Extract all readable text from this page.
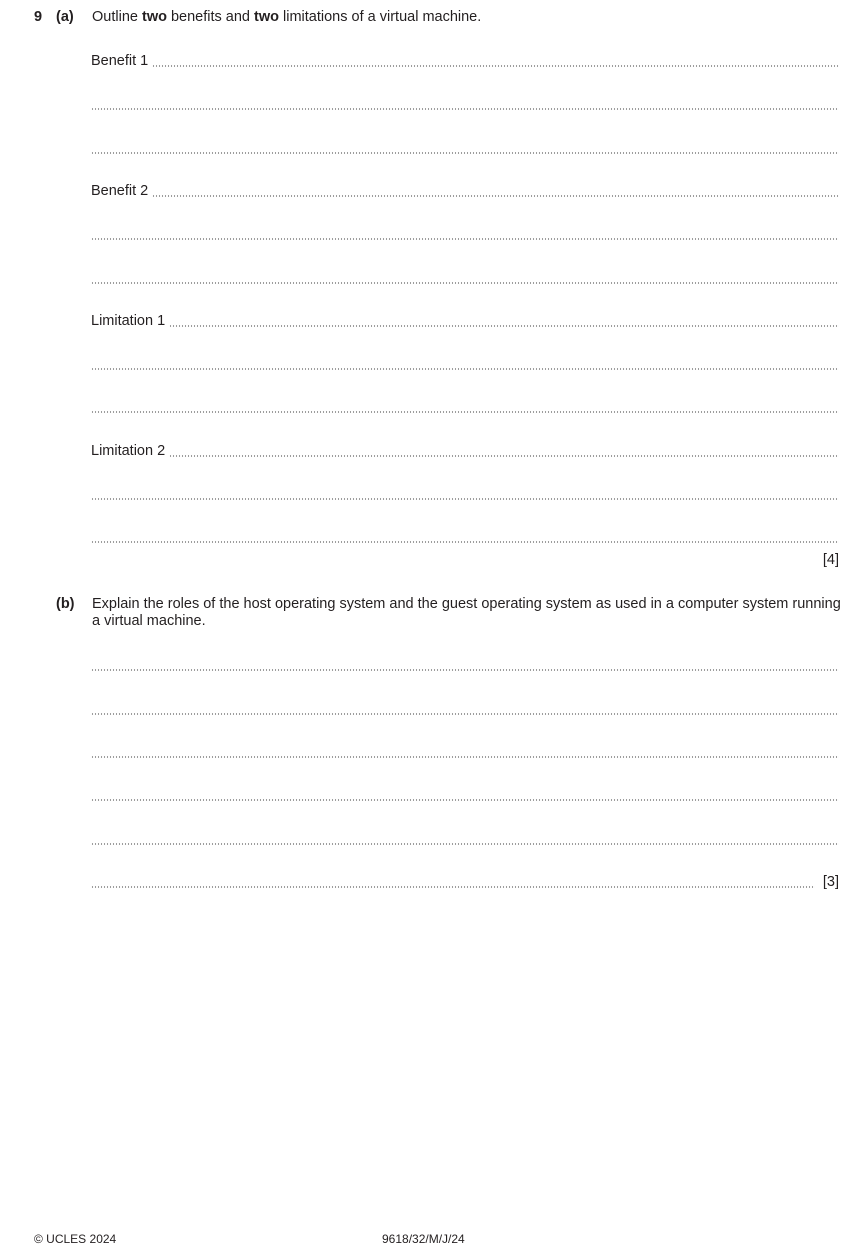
9 (a) Outline two benefits and two limitations of a virtual machine.
Benefit 1
Benefit 2
Limitation 1
Limitation 2
[4]
(b) Explain the roles of the host operating system and the guest operating system as used in a computer system running a virtual machine.
[3]
© UCLES 2024	9618/32/M/J/24
